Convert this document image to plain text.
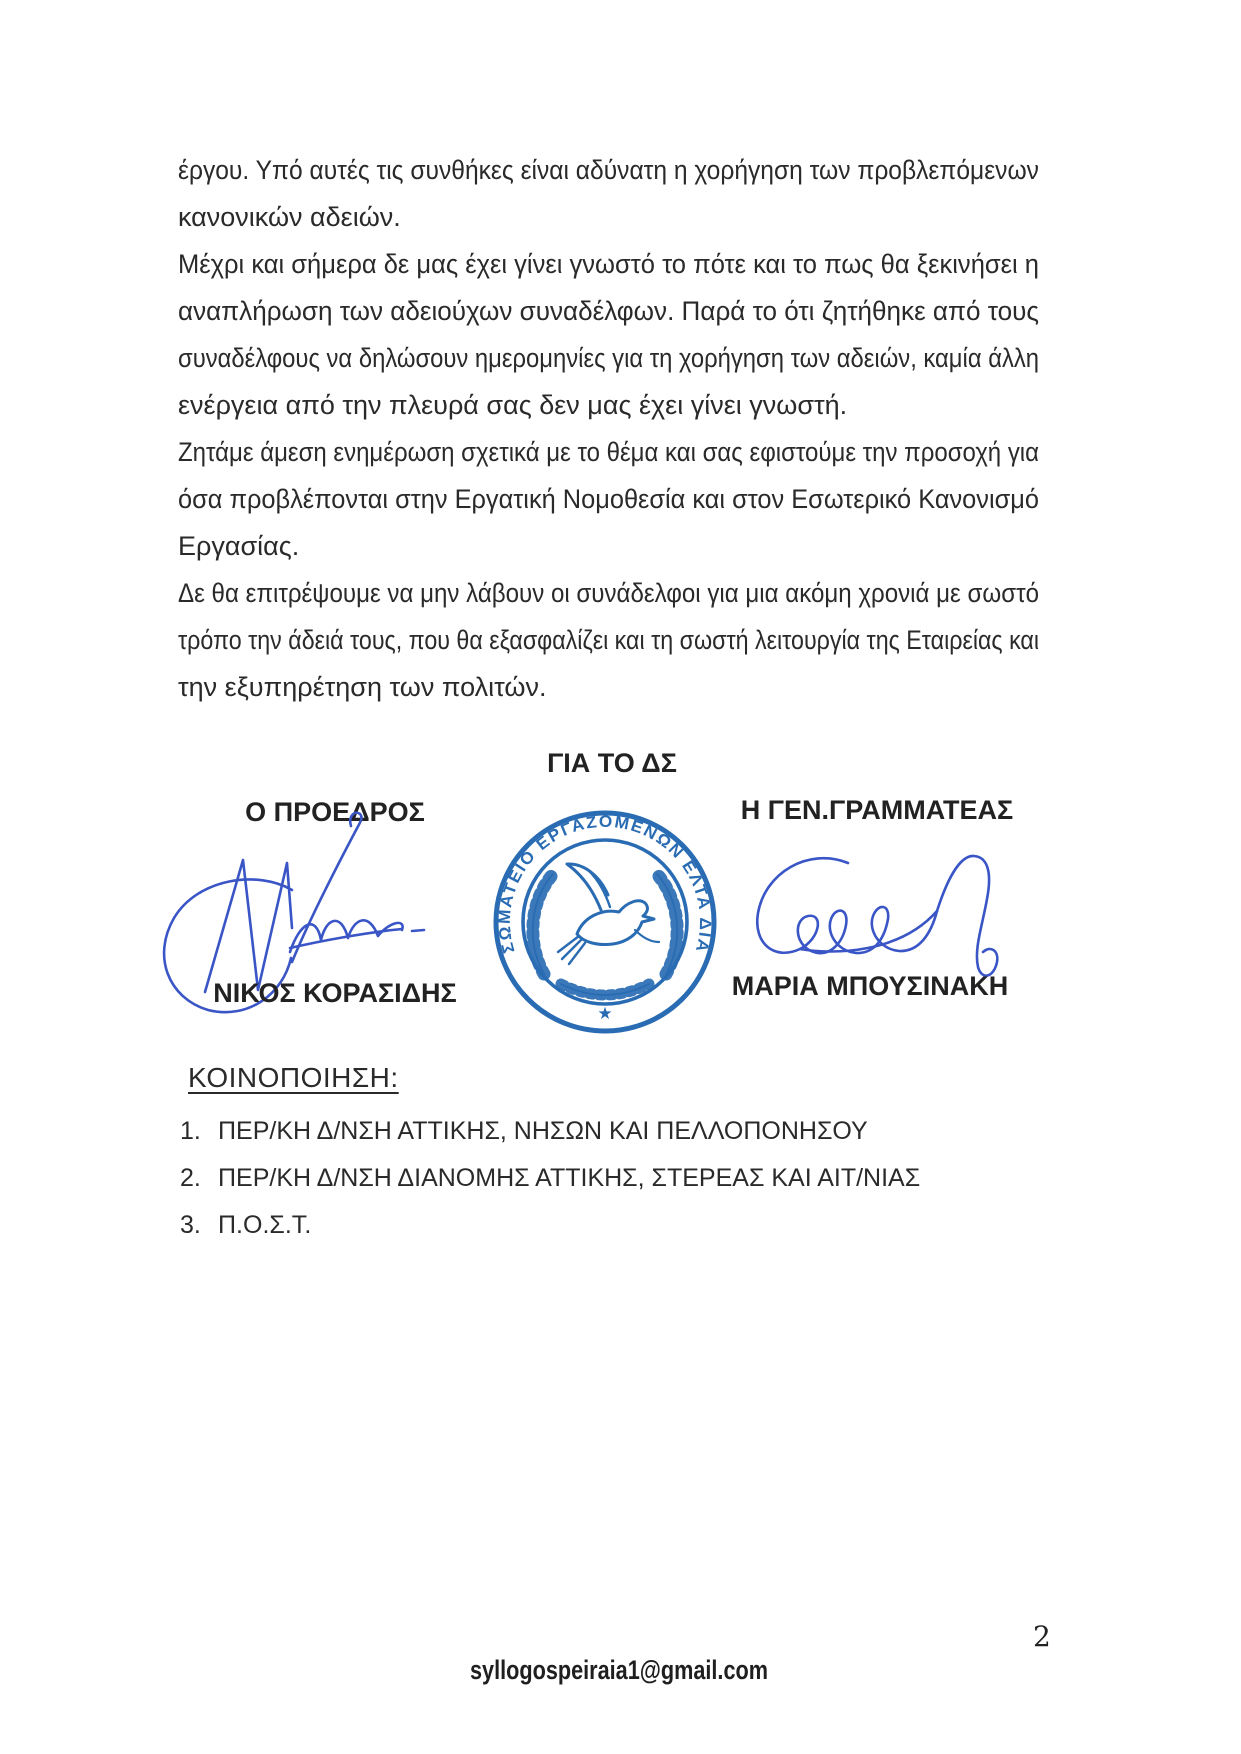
έργου. Υπό αυτές τις συνθήκες είναι αδύνατη η χορήγηση των προβλεπόμενων
κανονικών αδειών.
Μέχρι και σήμερα δε μας έχει γίνει γνωστό το πότε και το πως θα ξεκινήσει η
αναπλήρωση των αδειούχων συναδέλφων. Παρά το ότι ζητήθηκε από τους
συναδέλφους να δηλώσουν ημερομηνίες για τη χορήγηση των αδειών, καμία άλλη
ενέργεια από την πλευρά σας δεν μας έχει γίνει γνωστή.
Ζητάμε άμεση ενημέρωση σχετικά με το θέμα και σας εφιστούμε την προσοχή για
όσα προβλέπονται στην Εργατική Νομοθεσία και στον Εσωτερικό Κανονισμό
Εργασίας.
Δε θα επιτρέψουμε να μην λάβουν οι συνάδελφοι για μια ακόμη χρονιά με σωστό
τρόπο την άδειά τους, που θα εξασφαλίζει και τη σωστή λειτουργία της Εταιρείας και
την εξυπηρέτηση των πολιτών.
ΓΙΑ ΤΟ ΔΣ
Ο ΠΡΟΕΔΡΟΣ	Η ΓΕΝ.ΓΡΑΜΜΑΤΕΑΣ
ΣΩΜΑΤΕΙΟ ΕΡΓΑΖΟΜΕΝΩΝ ΕΛΤΑ ΔΙΑΜ. ΠΕΙΡΑΙΑ
★
ΝΙΚΟΣ ΚΟΡΑΣΙΔΗΣ	ΜΑΡΙΑ ΜΠΟΥΣΙΝΑΚΗ
ΚΟΙΝΟΠΟΙΗΣΗ:
1. ΠΕΡ/ΚΗ Δ/ΝΣΗ ΑΤΤΙΚΗΣ, ΝΗΣΩΝ ΚΑΙ ΠΕΛΛΟΠΟΝΗΣΟΥ
2. ΠΕΡ/ΚΗ Δ/ΝΣΗ ΔΙΑΝΟΜΗΣ ΑΤΤΙΚΗΣ, ΣΤΕΡΕΑΣ ΚΑΙ ΑΙΤ/ΝΙΑΣ
3. Π.Ο.Σ.Τ.
2
syllogospeiraia1@gmail.com
